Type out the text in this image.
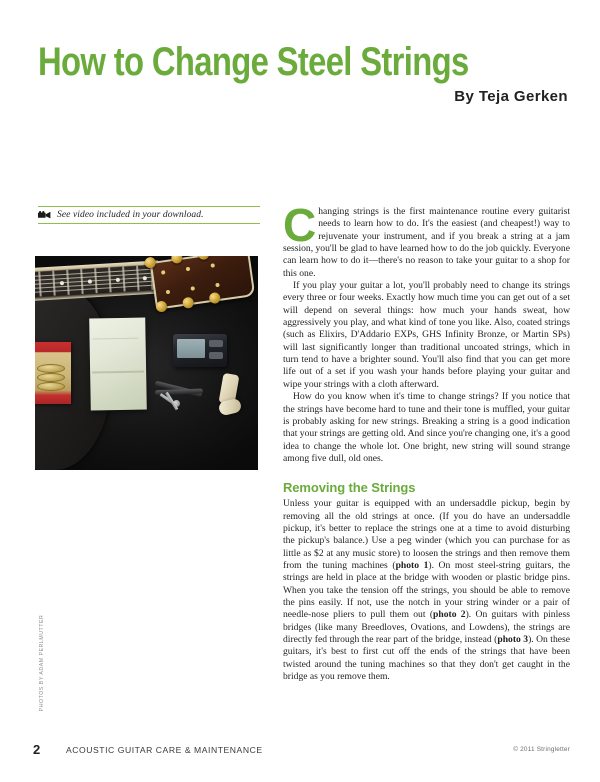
How to Change Steel Strings
By Teja Gerken
See video included in your download.
PHOTOS BY ADAM PERLMUTTER

Changing strings is the first maintenance routine every guitarist needs to learn how to do. It's the easiest (and cheapest!) way to rejuvenate your instrument, and if you break a string at a jam session, you'll be glad to have learned how to do the job quickly. Everyone can learn how to do it—there's no reason to take your guitar to a shop for this one.

If you play your guitar a lot, you'll probably need to change its strings every three or four weeks. Exactly how much time you can get out of a set will depend on several things: how much your hands sweat, how aggressively you play, and what kind of tone you like. Also, coated strings (such as Elixirs, D'Addario EXPs, GHS Infinity Bronze, or Martin SPs) will last significantly longer than traditional uncoated strings, which in turn tend to have a brighter sound. You'll also find that you can get more life out of a set if you wash your hands before playing your guitar and wipe your strings with a cloth afterward.

How do you know when it's time to change strings? If you notice that the strings have become hard to tune and their tone is muffled, your guitar is probably asking for new strings. Breaking a string is a good indication that your strings are getting old. And since you're changing one, it's a good idea to change the whole lot. One bright, new string will sound strange among five dull, old ones.

Removing the Strings

Unless your guitar is equipped with an undersaddle pickup, begin by removing all the old strings at once. (If you do have an undersaddle pickup, it's better to replace the strings one at a time to avoid disturbing the pickup's balance.) Use a peg winder (which you can purchase for as little as $2 at any music store) to loosen the strings and then remove them from the tuning machines (photo 1). On most steel-string guitars, the strings are held in place at the bridge with wooden or plastic bridge pins. When you take the tension off the strings, you should be able to remove the pins easily. If not, use the notch in your string winder or a pair of needle-nose pliers to pull them out (photo 2). On guitars with pinless bridges (like many Breedloves, Ovations, and Lowdens), the strings are directly fed through the rear part of the bridge, instead (photo 3). On these guitars, it's best to first cut off the ends of the strings that have been twisted around the tuning machines so that they don't get caught in the bridge as you remove them.

2	ACOUSTIC GUITAR CARE & MAINTENANCE	© 2011 Stringletter
